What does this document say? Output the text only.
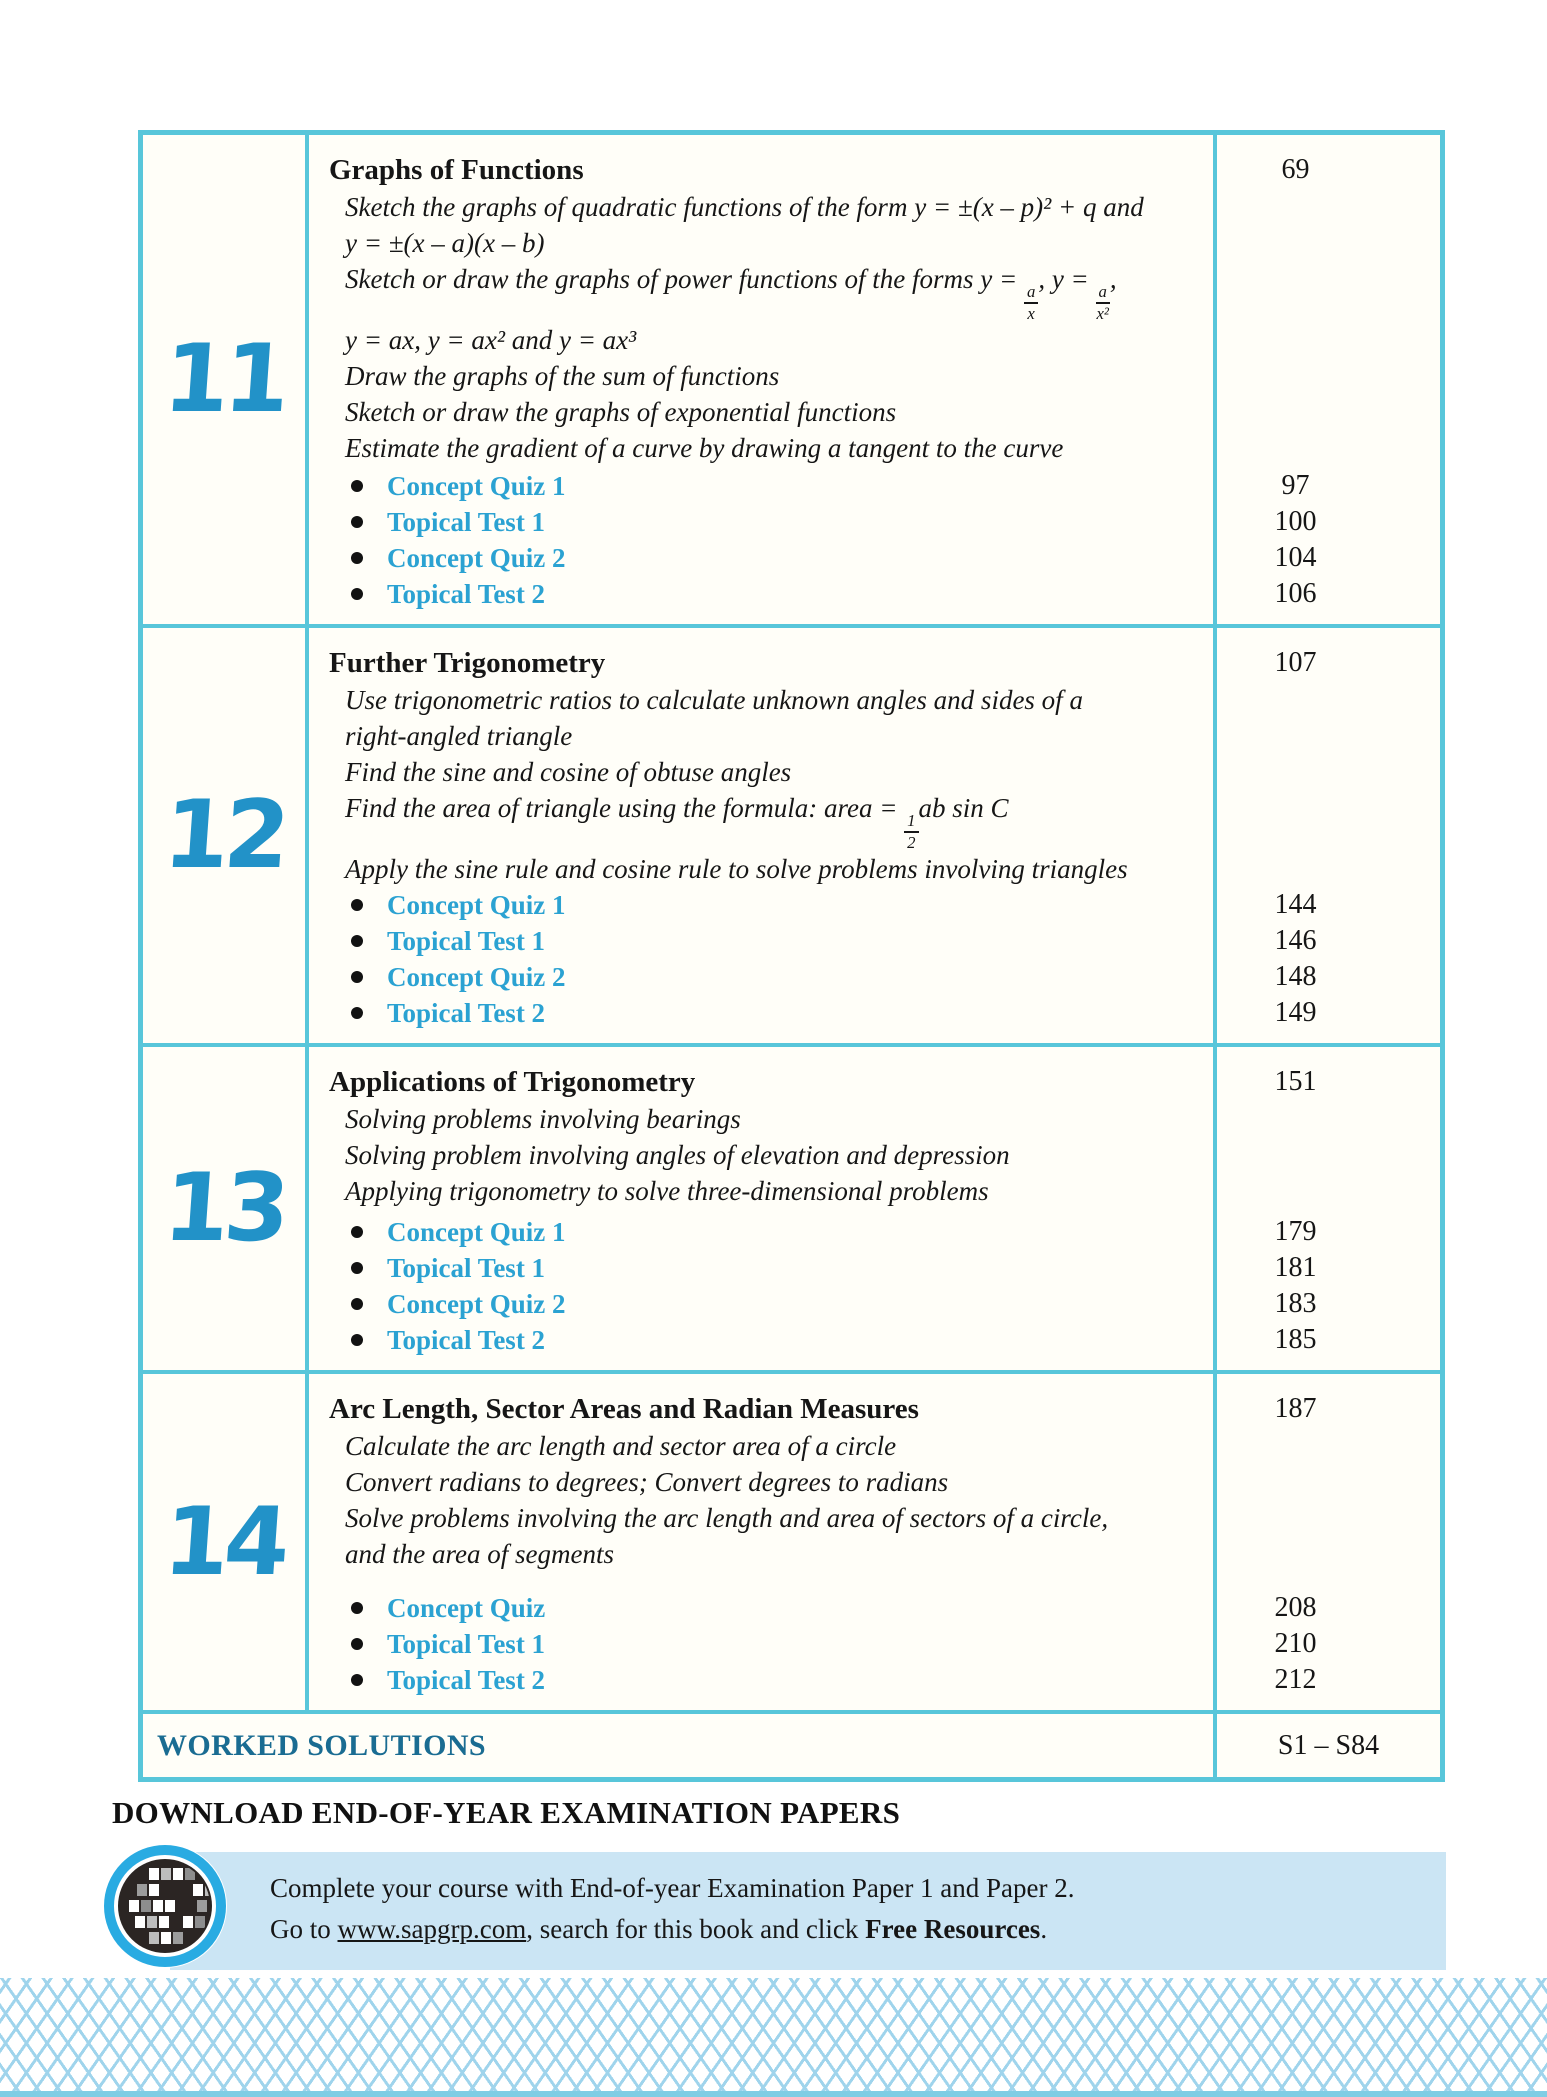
11
Graphs of Functions
Sketch the graphs of quadratic functions of the form y = ±(x – p)² + q and
y = ±(x – a)(x – b)
Sketch or draw the graphs of power functions of the forms y =
$\frac{a}{x}$
, y =
$\frac{a}{\text{x²}}$
,
y = ax, y = ax² and y = ax³
Draw the graphs of the sum of functions
Sketch or draw the graphs of exponential functions
Estimate the gradient of a curve by drawing a tangent to the curve
Concept Quiz 1
Topical Test 1
Concept Quiz 2
Topical Test 2
69
97
100
104
106
12
Further Trigonometry
Use trigonometric ratios to calculate unknown angles and sides of a
right-angled triangle
Find the sine and cosine of obtuse angles
Find the area of triangle using the formula: area =
$\frac{1}{2}$
ab sin C
Apply the sine rule and cosine rule to solve problems involving triangles
Concept Quiz 1
Topical Test 1
Concept Quiz 2
Topical Test 2
107
144
146
148
149
13
Applications of Trigonometry
Solving problems involving bearings
Solving problem involving angles of elevation and depression
Applying trigonometry to solve three-dimensional problems
Concept Quiz 1
Topical Test 1
Concept Quiz 2
Topical Test 2
151
179
181
183
185
14
Arc Length, Sector Areas and Radian Measures
Calculate the arc length and sector area of a circle
Convert radians to degrees; Convert degrees to radians
Solve problems involving the arc length and area of sectors of a circle,
and the area of segments
Concept Quiz
Topical Test 1
Topical Test 2
187
208
210
212
WORKED SOLUTIONS	S1 – S84
DOWNLOAD END-OF-YEAR EXAMINATION PAPERS
Complete your course with End-of-year Examination Paper 1 and Paper 2.
Go to www.sapgrp.com, search for this book and click Free Resources.
